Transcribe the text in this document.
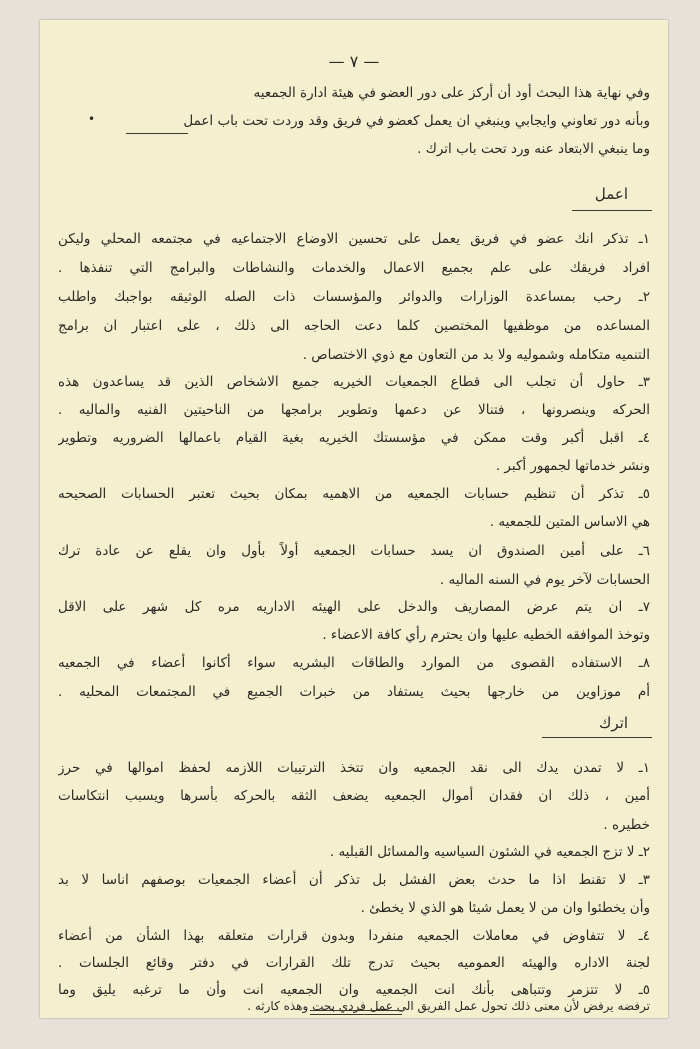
— ٧ —
وفي نهاية هذا البحث أود أن أركز على دور العضو في هيئة ادارة الجمعيه
وبأنه دور تعاوني وايجابي وينبغي ان يعمل كعضو في فريق وقد وردت تحت باب اعمل
•
وما ينبغي الابتعاد عنه ورد تحت باب اترك .
اعمل
١ـ تذكر انك عضو في فريق يعمل على تحسين الاوضاع الاجتماعيه في مجتمعه المحلي وليكن
افراد فريقك على علم بجميع الاعمال والخدمات والنشاطات والبرامج التي تنفذها .
٢ـ رحب بمساعدة الوزارات والدوائر والمؤسسات ذات الصله الوثيقه بواجبك واطلب
المساعده من موظفيها المختصين كلما دعت الحاجه الى ذلك ، على اعتبار ان برامج
التنميه متكامله وشموليه ولا بد من التعاون مع ذوي الاختصاص .
٣ـ حاول أن تجلب الى قطاع الجمعيات الخيريه جميع الاشخاص الذين قد يساعدون هذه
الحركه وينصرونها ، فتنالا عن دعمها وتطوير برامجها من الناحيتين الفنيه والماليه .
٤ـ اقبل أكبر وقت ممكن في مؤسستك الخيريه بغية القيام باعمالها الضروريه وتطوير
ونشر خدماتها لجمهور أكبر .
٥ـ تذكر أن تنظيم حسابات الجمعيه من الاهميه بمكان بحيث تعتبر الحسابات الصحيحه
هي الاساس المتين للجمعيه .
٦ـ على أمين الصندوق ان يسد حسابات الجمعيه أولاً بأول وان يقلع عن عادة ترك
الحسابات لآخر يوم في السنه الماليه .
٧ـ ان يتم عرض المصاريف والدخل على الهيئه الاداريه مره كل شهر على الاقل
وتوخذ الموافقه الخطيه عليها وان يحترم رأي كافة الاعضاء .
٨ـ الاستفاده القصوى من الموارد والطاقات البشريه سواء أكانوا أعضاء في الجمعيه
أم موزاوين من خارجها بحيث يستفاد من خبرات الجميع في المجتمعات المحليه .
اترك
١ـ لا تمدن يدك الى نقد الجمعيه وان تتخذ الترتيبات اللازمه لحفظ اموالها في حرز
أمين ، ذلك ان فقدان أموال الجمعيه يضعف الثقه بالحركه بأسرها ويسبب انتكاسات
خطيره .
٢ـ لا تزج الجمعيه في الشئون السياسيه والمسائل القبليه .
٣ـ لا تقنط اذا ما حدث بعض الفشل بل تذكر أن أعضاء الجمعيات بوصفهم اناسا لا بد
وأن يخطئوا وان من لا يعمل شيئا هو الذي لا يخطئ .
٤ـ لا تتفاوض في معاملات الجمعيه منفردا وبدون قرارات متعلقه بهذا الشأن من أعضاء
لجنة الاداره والهيئه العموميه بحيث تدرج تلك القرارات في دفتر وقائع الجلسات .
٥ـ لا تتزمر وتتباهى بأنك انت الجمعيه وان الجمعيه انت وأن ما ترغبه يليق وما
ترفضه يرفض لأن معنى ذلك تحول عمل الفريق الى عمل فردي بحت وهذه كارثه .
